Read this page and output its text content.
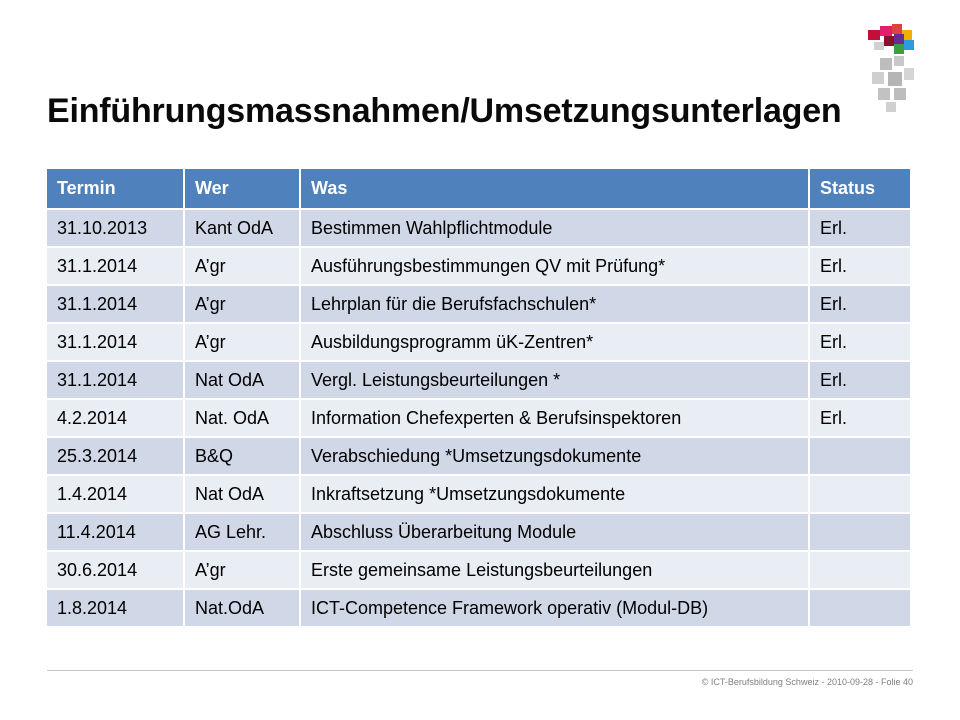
Einführungsmassnahmen/Umsetzungsunterlagen
Termin	Wer	Was	Status
31.10.2013	Kant OdA	Bestimmen Wahlpflichtmodule	Erl.
31.1.2014	A’gr	Ausführungsbestimmungen QV mit Prüfung*	Erl.
31.1.2014	A’gr	Lehrplan für die Berufsfachschulen*	Erl.
31.1.2014	A’gr	Ausbildungsprogramm üK-Zentren*	Erl.
31.1.2014	Nat OdA	Vergl. Leistungsbeurteilungen *	Erl.
4.2.2014	Nat. OdA	Information Chefexperten & Berufsinspektoren	Erl.
25.3.2014	B&Q	Verabschiedung *Umsetzungsdokumente	
1.4.2014	Nat OdA	Inkraftsetzung *Umsetzungsdokumente	
11.4.2014	AG Lehr.	Abschluss Überarbeitung Module	
30.6.2014	A’gr	Erste gemeinsame Leistungsbeurteilungen	
1.8.2014	Nat.OdA	ICT-Competence Framework operativ (Modul-DB)	
© ICT-Berufsbildung Schweiz - 2010-09-28 - Folie 40
